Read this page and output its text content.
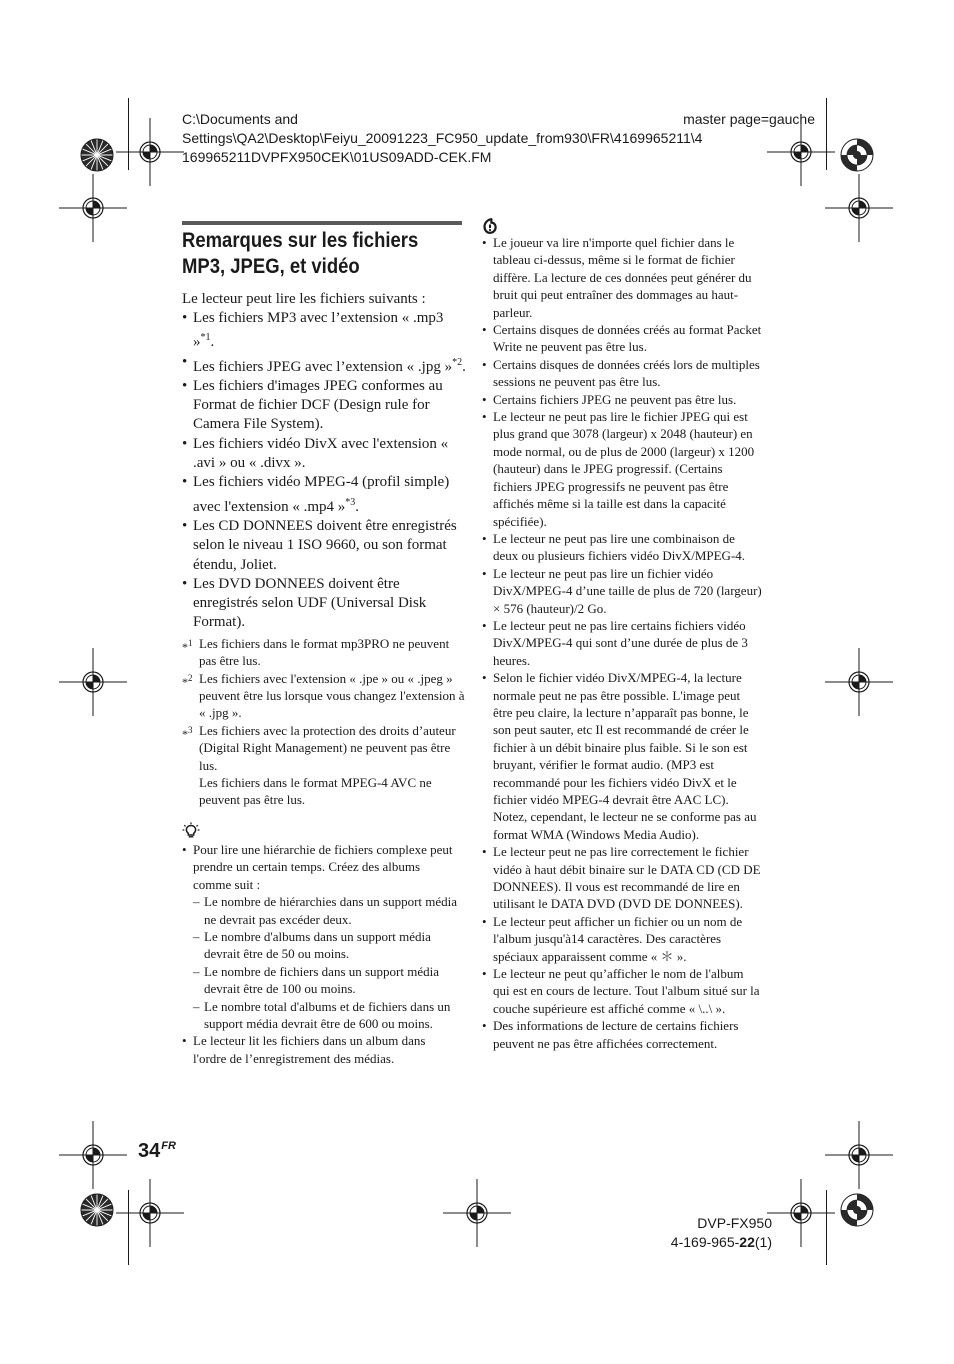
C:\Documents and
Settings\QA2\Desktop\Feiyu_20091223_FC950_update_from930\FR\4169965211\4
169965211DVPFX950CEK\01US09ADD-CEK.FM
master page=gauche
Remarques sur les fichiers MP3, JPEG, et vidéo
Le lecteur peut lire les fichiers suivants :
• Les fichiers MP3 avec l’extension « .mp3 »$^{*1}$.
• Les fichiers JPEG avec l’extension « .jpg »$^{*2}$.
• Les fichiers d'images JPEG conformes au Format de fichier DCF (Design rule for Camera File System).
• Les fichiers vidéo DivX avec l'extension « .avi » ou « .divx ».
• Les fichiers vidéo MPEG-4 (profil simple) avec l'extension « .mp4 »$^{*3}$.
• Les CD DONNEES doivent être enregistrés selon le niveau 1 ISO 9660, ou son format étendu, Joliet.
• Les DVD DONNEES doivent être enregistrés selon UDF (Universal Disk Format).
*$^1$ Les fichiers dans le format mp3PRO ne peuvent pas être lus.
*$^2$ Les fichiers avec l'extension « .jpe » ou « .jpeg » peuvent être lus lorsque vous changez l'extension à « .jpg ».
*$^3$ Les fichiers avec la protection des droits d’auteur (Digital Right Management) ne peuvent pas être lus.
Les fichiers dans le format MPEG-4 AVC ne peuvent pas être lus.
• Pour lire une hiérarchie de fichiers complexe peut prendre un certain temps. Créez des albums comme suit :
– Le nombre de hiérarchies dans un support média ne devrait pas excéder deux.
– Le nombre d'albums dans un support média devrait être de 50 ou moins.
– Le nombre de fichiers dans un support média devrait être de 100 ou moins.
– Le nombre total d'albums et de fichiers dans un support média devrait être de 600 ou moins.
• Le lecteur lit les fichiers dans un album dans l'ordre de l’enregistrement des médias.
• Le joueur va lire n'importe quel fichier dans le tableau ci-dessus, même si le format de fichier diffère. La lecture de ces données peut générer du bruit qui peut entraîner des dommages au haut-parleur.
• Certains disques de données créés au format Packet Write ne peuvent pas être lus.
• Certains disques de données créés lors de multiples sessions ne peuvent pas être lus.
• Certains fichiers JPEG ne peuvent pas être lus.
• Le lecteur ne peut pas lire le fichier JPEG qui est plus grand que 3078 (largeur) x 2048 (hauteur) en mode normal, ou de plus de 2000 (largeur) x 1200 (hauteur) dans le JPEG progressif. (Certains fichiers JPEG progressifs ne peuvent pas être affichés même si la taille est dans la capacité spécifiée).
• Le lecteur ne peut pas lire une combinaison de deux ou plusieurs fichiers vidéo DivX/MPEG-4.
• Le lecteur ne peut pas lire un fichier vidéo DivX/MPEG-4 d’une taille de plus de 720 (largeur) × 576 (hauteur)/2 Go.
• Le lecteur peut ne pas lire certains fichiers vidéo DivX/MPEG-4 qui sont d’une durée de plus de 3 heures.
• Selon le fichier vidéo DivX/MPEG-4, la lecture normale peut ne pas être possible. L'image peut être peu claire, la lecture n’apparaît pas bonne, le son peut sauter, etc Il est recommandé de créer le fichier à un débit binaire plus faible. Si le son est bruyant, vérifier le format audio. (MP3 est recommandé pour les fichiers vidéo DivX et le fichier vidéo MPEG-4 devrait être AAC LC). Notez, cependant, le lecteur ne se conforme pas au format WMA (Windows Media Audio).
• Le lecteur peut ne pas lire correctement le fichier vidéo à haut débit binaire sur le DATA CD (CD DE DONNEES). Il vous est recommandé de lire en utilisant le DATA DVD (DVD DE DONNEES).
• Le lecteur peut afficher un fichier ou un nom de l'album jusqu'à14 caractères. Des caractères spéciaux apparaissent comme « ＊ ».
• Le lecteur ne peut qu’afficher le nom de l'album qui est en cours de lecture. Tout l'album situé sur la couche supérieure est affiché comme « \..\ ».
• Des informations de lecture de certains fichiers peuvent ne pas être affichées correctement.
$34^{FR}$
DVP-FX950
4-169-965-22(1)
